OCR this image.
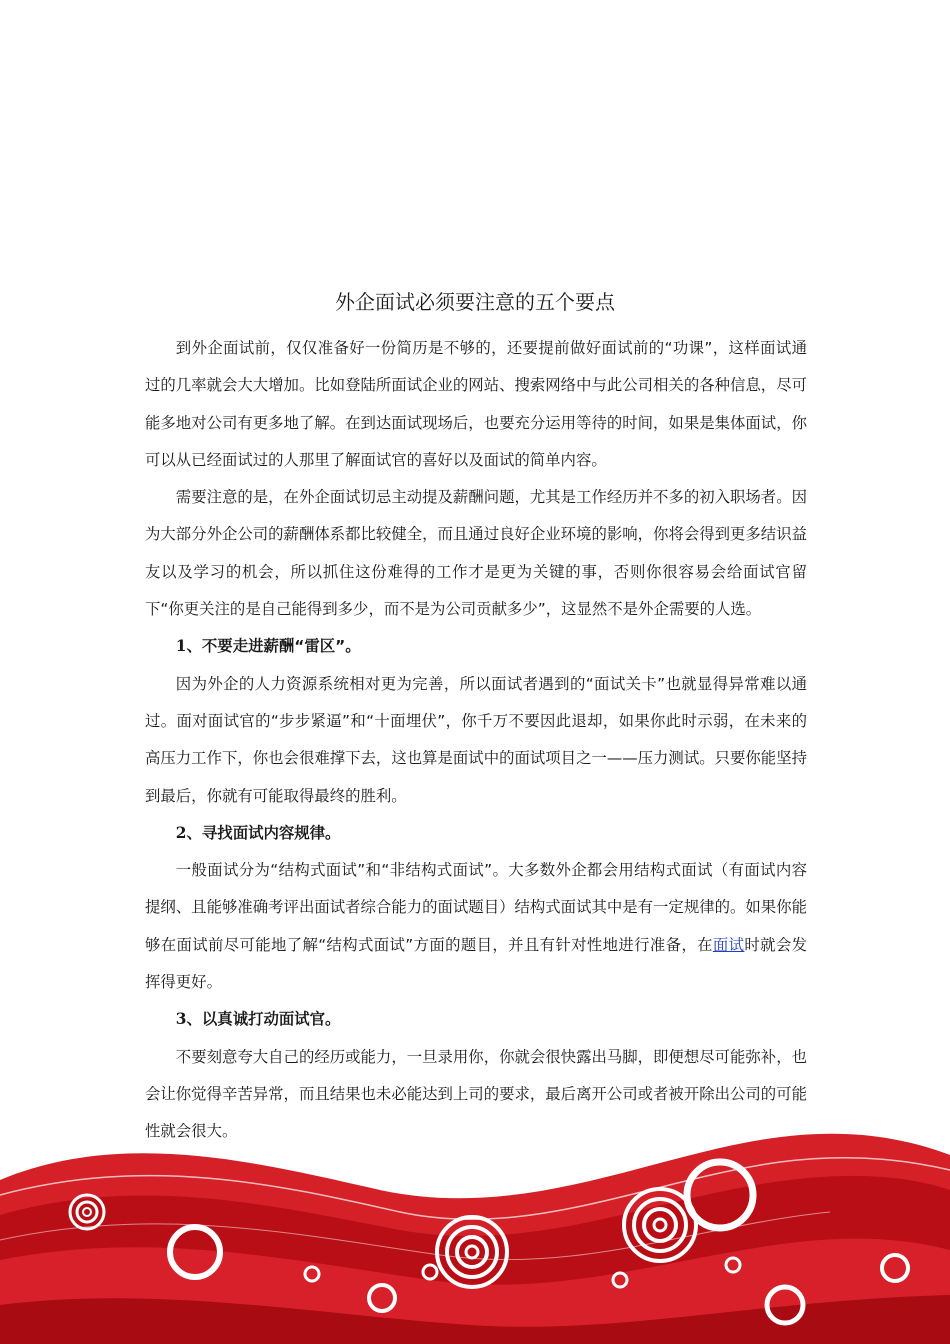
外企面试必须要注意的五个要点

到外企面试前，仅仅准备好一份简历是不够的，还要提前做好面试前的“功课”，这样面试通过的几率就会大大增加。比如登陆所面试企业的网站、搜索网络中与此公司相关的各种信息，尽可能多地对公司有更多地了解。在到达面试现场后，也要充分运用等待的时间，如果是集体面试，你可以从已经面试过的人那里了解面试官的喜好以及面试的简单内容。

需要注意的是，在外企面试切忌主动提及薪酬问题，尤其是工作经历并不多的初入职场者。因为大部分外企公司的薪酬体系都比较健全，而且通过良好企业环境的影响，你将会得到更多结识益友以及学习的机会，所以抓住这份难得的工作才是更为关键的事，否则你很容易会给面试官留下“你更关注的是自己能得到多少，而不是为公司贡献多少”，这显然不是外企需要的人选。

1、不要走进薪酬“雷区”。

因为外企的人力资源系统相对更为完善，所以面试者遇到的“面试关卡”也就显得异常难以通过。面对面试官的“步步紧逼”和“十面埋伏”，你千万不要因此退却，如果你此时示弱，在未来的高压力工作下，你也会很难撑下去，这也算是面试中的面试项目之一——压力测试。只要你能坚持到最后，你就有可能取得最终的胜利。

2、寻找面试内容规律。

一般面试分为“结构式面试”和“非结构式面试”。大多数外企都会用结构式面试（有面试内容提纲、且能够准确考评出面试者综合能力的面试题目）结构式面试其中是有一定规律的。如果你能够在面试前尽可能地了解“结构式面试”方面的题目，并且有针对性地进行准备，在面试时就会发挥得更好。

3、以真诚打动面试官。

不要刻意夸大自己的经历或能力，一旦录用你，你就会很快露出马脚，即便想尽可能弥补，也会让你觉得辛苦异常，而且结果也未必能达到上司的要求，最后离开公司或者被开除出公司的可能性就会很大。
